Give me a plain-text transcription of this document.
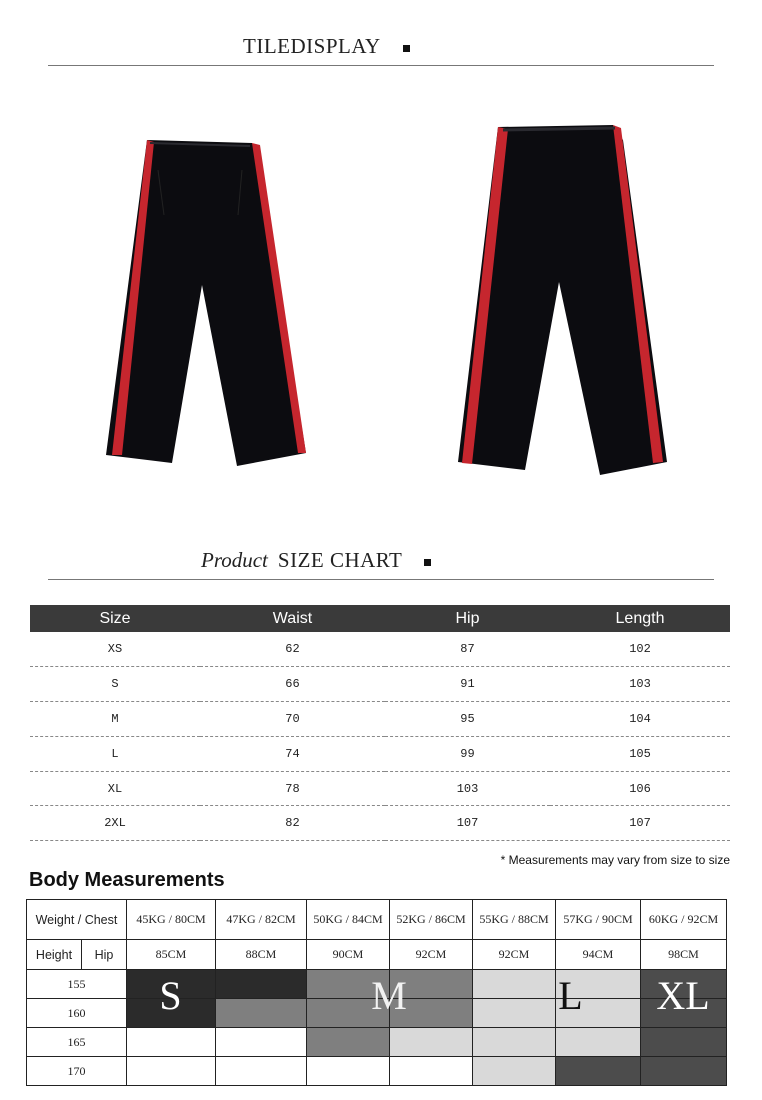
TILEDISPLAY
Product SIZE CHART
Size	Waist	Hip	Length
XS	62	87	102
S	66	91	103
M	70	95	104
L	74	99	105
XL	78	103	106
2XL	82	107	107
* Measurements may vary from size to size
Body Measurements
Weight / Chest		45KG / 80CM	47KG / 82CM	50KG / 84CM	52KG / 86CM	55KG / 88CM	57KG / 90CM	60KG / 92CM
Height	Hip	85CM	88CM	90CM	92CM	92CM	94CM	98CM
155								
160								
165								
170								
S	M	L	XL
